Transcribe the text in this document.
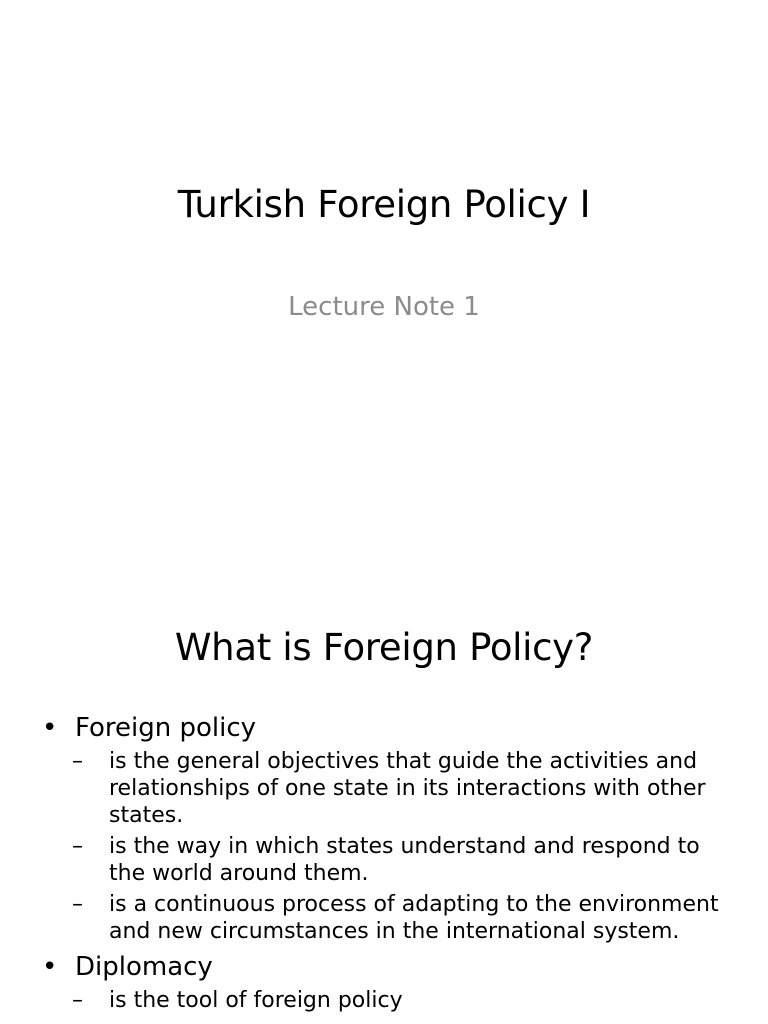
Turkish Foreign Policy I
Lecture Note 1
What is Foreign Policy?
• Foreign policy
–	is the general objectives that guide the activities and relationships of one state in its interactions with other states.
–	is the way in which states understand and respond to the world around them.
–	is a continuous process of adapting to the environment and new circumstances in the international system.
• Diplomacy
–	is the tool of foreign policy
